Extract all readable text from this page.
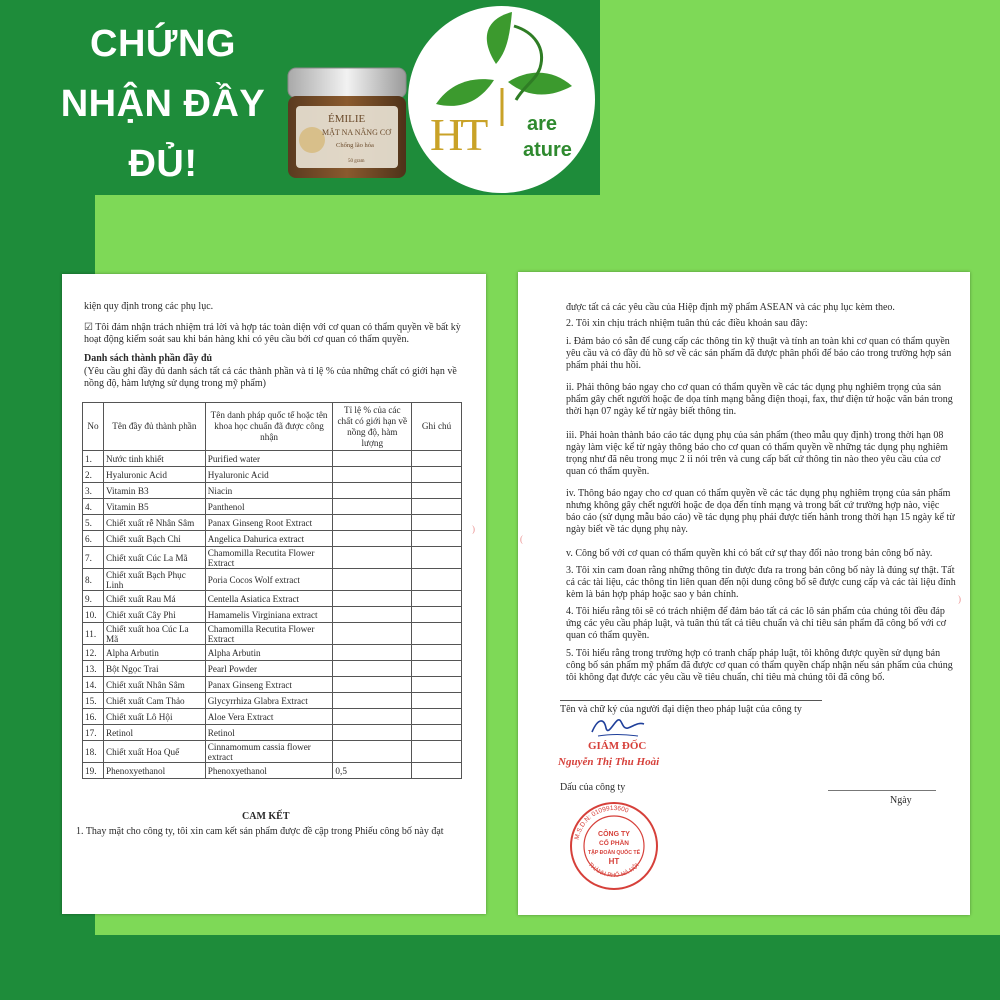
CHỨNG
NHẬN ĐẦY
ĐỦ!
ÉMILIE
MẶT NA NÂNG CƠ
Chống lão hóa
50 gram
HT are
ature
kiện quy định trong các phụ lục.
☑ Tôi đảm nhận trách nhiệm trả lời và hợp tác toàn diện với cơ quan có thẩm quyền về bất kỳ hoạt động kiểm soát sau khi bán hàng khi có yêu cầu bởi cơ quan có thẩm quyền.
Danh sách thành phần đầy đủ
(Yêu cầu ghi đầy đủ danh sách tất cả các thành phần và tỉ lệ % của những chất có giới hạn về nồng độ, hàm lượng sử dụng trong mỹ phẩm)
No	Tên đầy đủ thành phần	Tên danh pháp quốc tế hoặc tên khoa học chuẩn đã được công nhận	Tỉ lệ % của các chất có giới hạn về nồng độ, hàm lượng	Ghi chú
1.	Nước tinh khiết	Purified water		
2.	Hyaluronic Acid	Hyaluronic Acid		
3.	Vitamin B3	Niacin		
4.	Vitamin B5	Panthenol		
5.	Chiết xuất rễ Nhân Sâm	Panax Ginseng Root Extract		
6.	Chiết xuất Bạch Chỉ	Angelica Dahurica extract		
7.	Chiết xuất Cúc La Mã	Chamomilla Recutita Flower Extract		
8.	Chiết xuất Bạch Phục Linh	Poria Cocos Wolf extract		
9.	Chiết xuất Rau Má	Centella Asiatica Extract		
10.	Chiết xuất Cây Phỉ	Hamamelis Virginiana extract		
11.	Chiết xuất hoa Cúc La Mã	Chamomilla Recutita Flower Extract		
12.	Alpha Arbutin	Alpha Arbutin		
13.	Bột Ngọc Trai	Pearl Powder		
14.	Chiết xuất Nhân Sâm	Panax Ginseng Extract		
15.	Chiết xuất Cam Thảo	Glycyrrhiza Glabra Extract		
16.	Chiết xuất Lô Hội	Aloe Vera Extract		
17.	Retinol	Retinol		
18.	Chiết xuất Hoa Quế	Cinnamomum cassia flower extract		
19.	Phenoxyethanol	Phenoxyethanol	0,5	
CAM KẾT
1. Thay mặt cho công ty, tôi xin cam kết sản phẩm được đề cập trong Phiếu công bố này đạt
)
được tất cả các yêu cầu của Hiệp định mỹ phẩm ASEAN và các phụ lục kèm theo.
2. Tôi xin chịu trách nhiệm tuân thủ các điều khoản sau đây:
i. Đảm bảo có sẵn để cung cấp các thông tin kỹ thuật và tính an toàn khi cơ quan có thẩm quyền yêu cầu và có đầy đủ hồ sơ về các sản phẩm đã được phân phối để báo cáo trong trường hợp sản phẩm phải thu hồi.
ii. Phải thông báo ngay cho cơ quan có thẩm quyền về các tác dụng phụ nghiêm trọng của sản phẩm gây chết người hoặc đe dọa tính mạng bằng điện thoại, fax, thư điện tử hoặc văn bản trong thời hạn 07 ngày kể từ ngày biết thông tin.
iii. Phải hoàn thành báo cáo tác dụng phụ của sản phẩm (theo mẫu quy định) trong thời hạn 08 ngày làm việc kể từ ngày thông báo cho cơ quan có thẩm quyền về những tác dụng phụ nghiêm trọng như đã nêu trong mục 2 ii nói trên và cung cấp bất cứ thông tin nào theo yêu cầu của cơ quan có thẩm quyền.
iv. Thông báo ngay cho cơ quan có thẩm quyền về các tác dụng phụ nghiêm trọng của sản phẩm nhưng không gây chết người hoặc đe dọa đến tính mạng và trong bất cứ trường hợp nào, việc báo cáo (sử dụng mẫu báo cáo) về tác dụng phụ phải được tiến hành trong thời hạn 15 ngày kể từ ngày biết về tác dụng phụ này.
v. Công bố với cơ quan có thẩm quyền khi có bất cứ sự thay đổi nào trong bản công bố này.
3. Tôi xin cam đoan rằng những thông tin được đưa ra trong bản công bố này là đúng sự thật. Tất cả các tài liệu, các thông tin liên quan đến nội dung công bố sẽ được cung cấp và các tài liệu đính kèm là bản hợp pháp hoặc sao y bản chính.
4. Tôi hiểu rằng tôi sẽ có trách nhiệm để đảm bảo tất cả các lô sản phẩm của chúng tôi đều đáp ứng các yêu cầu pháp luật, và tuân thủ tất cả tiêu chuẩn và chỉ tiêu sản phẩm đã công bố với cơ quan có thẩm quyền.
5. Tôi hiểu rằng trong trường hợp có tranh chấp pháp luật, tôi không được quyền sử dụng bản công bố sản phẩm mỹ phẩm đã được cơ quan có thẩm quyền chấp nhận nếu sản phẩm của chúng tôi không đạt được các yêu cầu về tiêu chuẩn, chỉ tiêu mà chúng tôi đã công bố.
Tên và chữ ký của người đại diện theo pháp luật của công ty
GIÁM ĐỐC
Nguyễn Thị Thu Hoài
Dấu của công ty
Ngày
M.S.D.N: 0109913600
THÀNH PHỐ HÀ NỘI
CÔNG TY
CỔ PHẦN
TẬP ĐOÀN QUỐC TẾ
HT
(
)
